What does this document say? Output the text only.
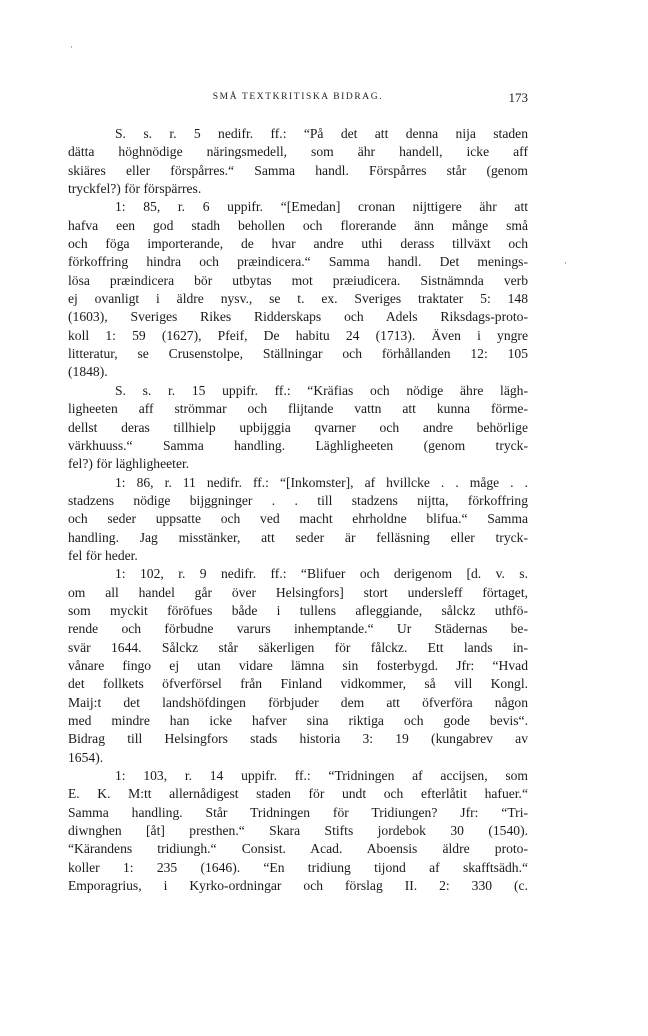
SMÅ TEXTKRITISKA BIDRAG.	173
S. s. r. 5 nedifr. ff.: “På det att denna nija staden
dätta höghnödige näringsmedell, som ähr handell, icke aff
skiäres eller förspårres.“ Samma handl. Förspårres står (genom
tryckfel?) för förspärres.
1: 85, r. 6 uppifr. “[Emedan] cronan nijttigere ähr att
hafva een god stadh behollen och florerande änn månge små
och föga importerande, de hvar andre uthi derass tillväxt och
förkoffring hindra och præindicera.“ Samma handl. Det menings-
lösa præindicera bör utbytas mot præiudicera. Sistnämnda verb
ej ovanligt i äldre nysv., se t. ex. Sveriges traktater 5: 148
(1603), Sveriges Rikes Ridderskaps och Adels Riksdags-proto-
koll 1: 59 (1627), Pfeif, De habitu 24 (1713). Även i yngre
litteratur, se Crusenstolpe, Ställningar och förhållanden 12: 105
(1848).
S. s. r. 15 uppifr. ff.: “Kräfias och nödige ähre lägh-
ligheeten aff strömmar och flijtande vattn att kunna förme-
dellst deras tillhielp upbijggia qvarner och andre behörlige
värkhuuss.“ Samma handling. Läghligheeten (genom tryck-
fel?) för läghligheeter.
1: 86, r. 11 nedifr. ff.: “[Inkomster], af hvillcke . . måge . .
stadzens nödige bijggninger . . till stadzens nijtta, förkoffring
och seder uppsatte och ved macht ehrholdne blifua.“ Samma
handling. Jag misstänker, att seder är felläsning eller tryck-
fel för heder.
1: 102, r. 9 nedifr. ff.: “Blifuer och derigenom [d. v. s.
om all handel går över Helsingfors] stort undersleff förtaget,
som myckit föröfues både i tullens afleggiande, sålckz uthfö-
rende och förbudne varurs inhemptande.“ Ur Städernas be-
svär 1644. Sålckz står säkerligen för fålckz. Ett lands in-
vånare fingo ej utan vidare lämna sin fosterbygd. Jfr: “Hvad
det follkets öfverförsel från Finland vidkommer, så vill Kongl.
Maij:t det landshöfdingen förbjuder dem att öfverföra någon
med mindre han icke hafver sina riktiga och gode bevis“.
Bidrag till Helsingfors stads historia 3: 19 (kungabrev av
1654).
1: 103, r. 14 uppifr. ff.: “Tridningen af accijsen, som
E. K. M:tt allernådigest staden för undt och efterlåtit hafuer.“
Samma handling. Står Tridningen för Tridiungen? Jfr: “Tri-
diwnghen [åt] presthen.“ Skara Stifts jordebok 30 (1540).
“Kärandens tridiungh.“ Consist. Acad. Aboensis äldre proto-
koller 1: 235 (1646). “En tridiung tijond af skafftsädh.“
Emporagrius, i Kyrko-ordningar och förslag II. 2: 330 (c.
·
·
